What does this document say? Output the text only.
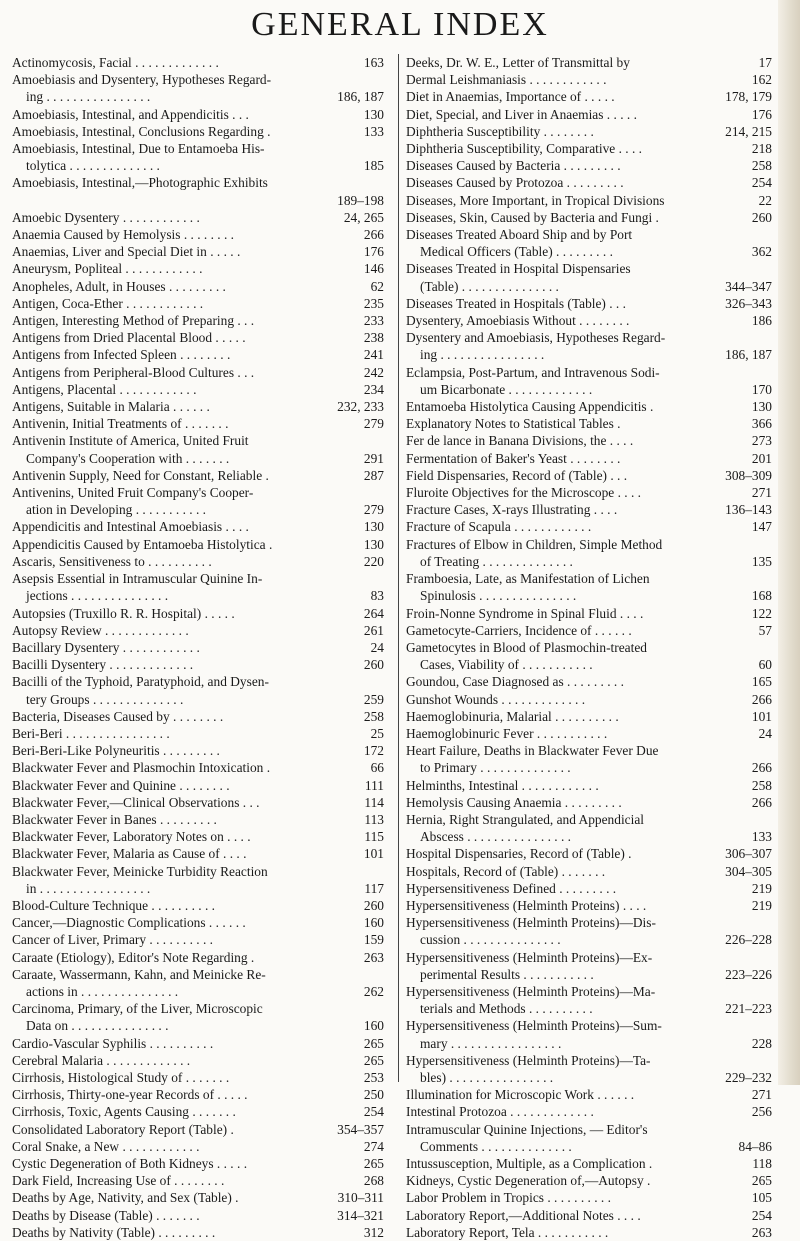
GENERAL INDEX

163
Actinomycosis, Facial . . . . . . . . . . . . .

Amoebiasis and Dysentery, Hypotheses Regard-

186, 187
ing . . . . . . . . . . . . . . . .

130
Amoebiasis, Intestinal, and Appendicitis . . .

133
Amoebiasis, Intestinal, Conclusions Regarding .

Amoebiasis, Intestinal, Due to Entamoeba His-

185
tolytica . . . . . . . . . . . . . .

Amoebiasis, Intestinal,—Photographic Exhibits

189–198

24, 265
Amoebic Dysentery . . . . . . . . . . . .

266
Anaemia Caused by Hemolysis . . . . . . . .

176
Anaemias, Liver and Special Diet in . . . . .

146
Aneurysm, Popliteal . . . . . . . . . . . .

62
Anopheles, Adult, in Houses . . . . . . . . .

235
Antigen, Coca-Ether . . . . . . . . . . . .

233
Antigen, Interesting Method of Preparing . . .

238
Antigens from Dried Placental Blood . . . . .

241
Antigens from Infected Spleen . . . . . . . .

242
Antigens from Peripheral-Blood Cultures . . .

234
Antigens, Placental . . . . . . . . . . . .

232, 233
Antigens, Suitable in Malaria . . . . . .

279
Antivenin, Initial Treatments of . . . . . . .

Antivenin Institute of America, United Fruit

291
Company's Cooperation with . . . . . . .

287
Antivenin Supply, Need for Constant, Reliable .

Antivenins, United Fruit Company's Cooper-

279
ation in Developing . . . . . . . . . . .

130
Appendicitis and Intestinal Amoebiasis . . . .

130
Appendicitis Caused by Entamoeba Histolytica .

220
Ascaris, Sensitiveness to . . . . . . . . . .

Asepsis Essential in Intramuscular Quinine In-

83
jections . . . . . . . . . . . . . . .

264
Autopsies (Truxillo R. R. Hospital) . . . . .

261
Autopsy Review . . . . . . . . . . . . .

24
Bacillary Dysentery . . . . . . . . . . . .

260
Bacilli Dysentery . . . . . . . . . . . . .

Bacilli of the Typhoid, Paratyphoid, and Dysen-

259
tery Groups . . . . . . . . . . . . . .

258
Bacteria, Diseases Caused by . . . . . . . .

25
Beri-Beri . . . . . . . . . . . . . . . .

172
Beri-Beri-Like Polyneuritis . . . . . . . . .

66
Blackwater Fever and Plasmochin Intoxication .

111
Blackwater Fever and Quinine . . . . . . . .

114
Blackwater Fever,—Clinical Observations . . .

113
Blackwater Fever in Banes . . . . . . . . .

115
Blackwater Fever, Laboratory Notes on . . . .

101
Blackwater Fever, Malaria as Cause of . . . .

Blackwater Fever, Meinicke Turbidity Reaction

117
in . . . . . . . . . . . . . . . . .

260
Blood-Culture Technique . . . . . . . . . .

160
Cancer,—Diagnostic Complications . . . . . .

159
Cancer of Liver, Primary . . . . . . . . . .

263
Caraate (Etiology), Editor's Note Regarding .

Caraate, Wassermann, Kahn, and Meinicke Re-

262
actions in . . . . . . . . . . . . . . .

Carcinoma, Primary, of the Liver, Microscopic

160
Data on . . . . . . . . . . . . . . .

265
Cardio-Vascular Syphilis . . . . . . . . . .

265
Cerebral Malaria . . . . . . . . . . . . .

253
Cirrhosis, Histological Study of . . . . . . .

250
Cirrhosis, Thirty-one-year Records of . . . . .

254
Cirrhosis, Toxic, Agents Causing . . . . . . .

354–357
Consolidated Laboratory Report (Table) .

274
Coral Snake, a New . . . . . . . . . . . .

265
Cystic Degeneration of Both Kidneys . . . . .

268
Dark Field, Increasing Use of . . . . . . . .

310–311
Deaths by Age, Nativity, and Sex (Table) .

314–321
Deaths by Disease (Table) . . . . . . .

312
Deaths by Nativity (Table) . . . . . . . . .

17
Deeks, Dr. W. E., Letter of Transmittal by

162
Dermal Leishmaniasis . . . . . . . . . . . .

178, 179
Diet in Anaemias, Importance of . . . . .

176
Diet, Special, and Liver in Anaemias . . . . .

214, 215
Diphtheria Susceptibility . . . . . . . .

218
Diphtheria Susceptibility, Comparative . . . .

258
Diseases Caused by Bacteria . . . . . . . . .

254
Diseases Caused by Protozoa . . . . . . . . .

22
Diseases, More Important, in Tropical Divisions

260
Diseases, Skin, Caused by Bacteria and Fungi .

Diseases Treated Aboard Ship and by Port

362
Medical Officers (Table) . . . . . . . . .

Diseases Treated in Hospital Dispensaries

344–347
(Table) . . . . . . . . . . . . . . .

326–343
Diseases Treated in Hospitals (Table) . . .

186
Dysentery, Amoebiasis Without . . . . . . . .

Dysentery and Amoebiasis, Hypotheses Regard-

186, 187
ing . . . . . . . . . . . . . . . .

Eclampsia, Post-Partum, and Intravenous Sodi-

170
um Bicarbonate . . . . . . . . . . . . .

130
Entamoeba Histolytica Causing Appendicitis .

366
Explanatory Notes to Statistical Tables .

273
Fer de lance in Banana Divisions, the . . . .

201
Fermentation of Baker's Yeast . . . . . . . .

308–309
Field Dispensaries, Record of (Table) . . .

271
Fluroite Objectives for the Microscope . . . .

136–143
Fracture Cases, X-rays Illustrating . . . .

147
Fracture of Scapula . . . . . . . . . . . .

Fractures of Elbow in Children, Simple Method

135
of Treating . . . . . . . . . . . . . .

Framboesia, Late, as Manifestation of Lichen

168
Spinulosis . . . . . . . . . . . . . . .

122
Froin-Nonne Syndrome in Spinal Fluid . . . .

57
Gametocyte-Carriers, Incidence of . . . . . .

Gametocytes in Blood of Plasmochin-treated

60
Cases, Viability of . . . . . . . . . . .

165
Goundou, Case Diagnosed as . . . . . . . . .

266
Gunshot Wounds . . . . . . . . . . . . .

101
Haemoglobinuria, Malarial . . . . . . . . . .

24
Haemoglobinuric Fever . . . . . . . . . . .

Heart Failure, Deaths in Blackwater Fever Due

266
to Primary . . . . . . . . . . . . . .

258
Helminths, Intestinal . . . . . . . . . . . .

266
Hemolysis Causing Anaemia . . . . . . . . .

Hernia, Right Strangulated, and Appendicial

133
Abscess . . . . . . . . . . . . . . . .

306–307
Hospital Dispensaries, Record of (Table) .

304–305
Hospitals, Record of (Table) . . . . . . .

219
Hypersensitiveness Defined . . . . . . . . .

219
Hypersensitiveness (Helminth Proteins) . . . .

Hypersensitiveness (Helminth Proteins)—Dis-

226–228
cussion . . . . . . . . . . . . . . .

Hypersensitiveness (Helminth Proteins)—Ex-

223–226
perimental Results . . . . . . . . . . .

Hypersensitiveness (Helminth Proteins)—Ma-

221–223
terials and Methods . . . . . . . . . .

Hypersensitiveness (Helminth Proteins)—Sum-

228
mary . . . . . . . . . . . . . . . . .

Hypersensitiveness (Helminth Proteins)—Ta-

229–232
bles) . . . . . . . . . . . . . . . .

271
Illumination for Microscopic Work . . . . . .

256
Intestinal Protozoa . . . . . . . . . . . . .

Intramuscular Quinine Injections, — Editor's

84–86
Comments . . . . . . . . . . . . . .

118
Intussusception, Multiple, as a Complication .

265
Kidneys, Cystic Degeneration of,—Autopsy .

105
Labor Problem in Tropics . . . . . . . . . .

254
Laboratory Report,—Additional Notes . . . .

263
Laboratory Report, Tela . . . . . . . . . . .
